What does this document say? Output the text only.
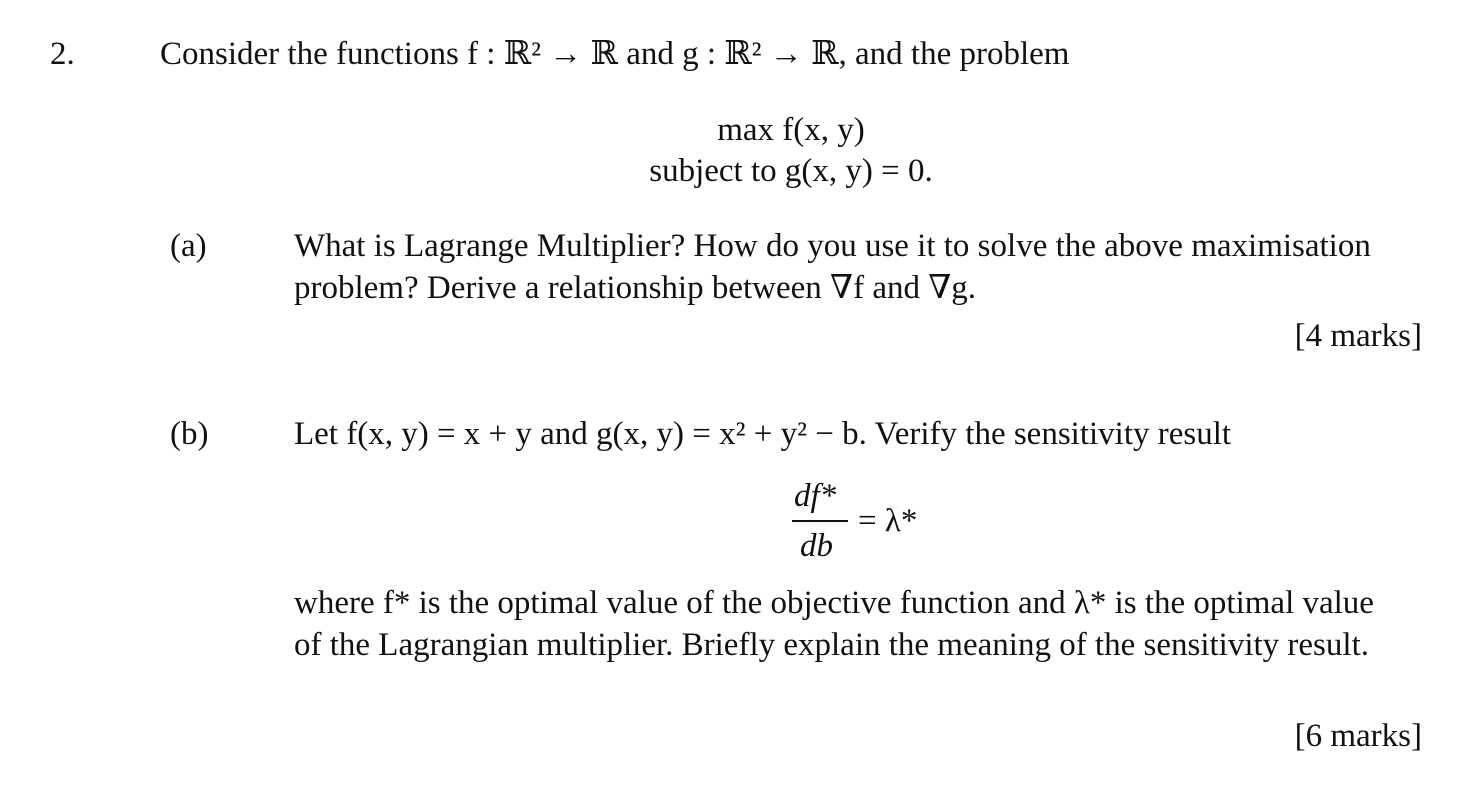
2.	Consider the functions f : ℝ² → ℝ and g : ℝ² → ℝ, and the problem
max f(x, y)
subject to g(x, y) = 0.
(a)	What is Lagrange Multiplier? How do you use it to solve the above maximisation
problem? Derive a relationship between ∇f and ∇g.
[4 marks]
(b)	Let f(x, y) = x + y and g(x, y) = x² + y² − b. Verify the sensitivity result
df*
db
= λ*
where f* is the optimal value of the objective function and λ* is the optimal value
of the Lagrangian multiplier. Briefly explain the meaning of the sensitivity result.
[6 marks]
